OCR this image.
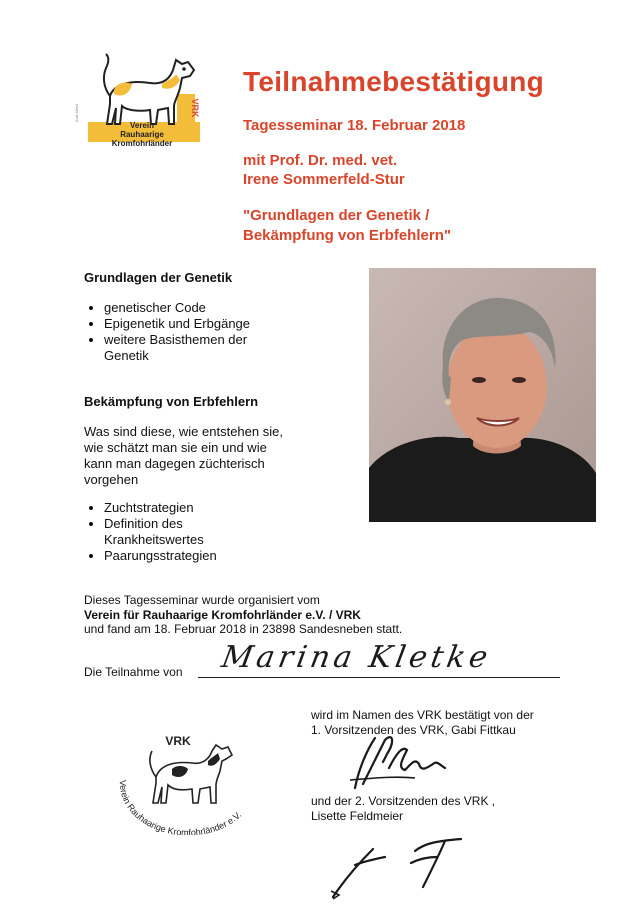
VRK
Verein
Rauhaarige
Kromfohrländer
Kurt Kleinl
Teilnahmebestätigung
Tagesseminar 18. Februar 2018
mit Prof. Dr. med. vet.
Irene Sommerfeld-Stur
"Grundlagen der Genetik /
Bekämpfung von Erbfehlern"
Grundlagen der Genetik
• genetischer Code
• Epigenetik und Erbgänge
• weitere Basisthemen der
Genetik
Bekämpfung von Erbfehlern
Was sind diese, wie entstehen sie,
wie schätzt man sie ein und wie
kann man dagegen züchterisch
vorgehen
• Zuchtstrategien
• Definition des
Krankheitswertes
• Paarungsstrategien
Dieses Tagesseminar wurde organisiert vom
Verein für Rauhaarige Kromfohrländer e.V. / VRK
und fand am 18. Februar 2018 in 23898 Sandesneben statt.
Die Teilnahme von Marina Kletke
wird im Namen des VRK bestätigt von der
1. Vorsitzenden des VRK, Gabi Fittkau
und der 2. Vorsitzenden des VRK ,
Lisette Feldmeier
VRK
Verein Rauhaarige Kromfohrländer e.V.
